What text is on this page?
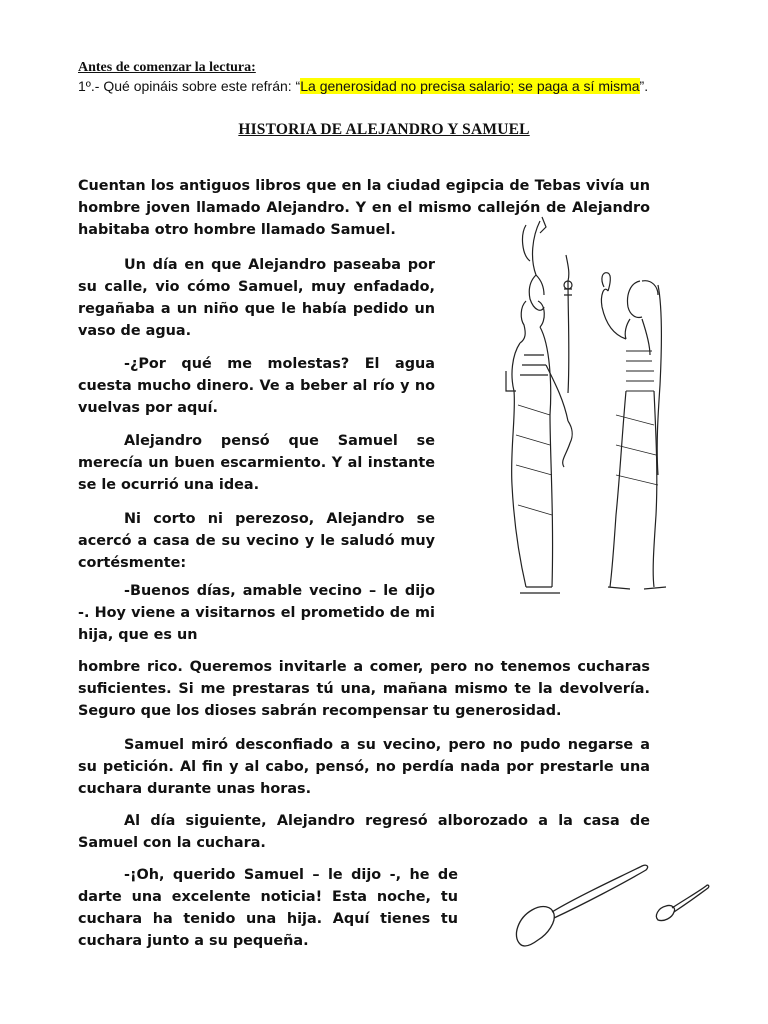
Antes de comenzar la lectura:
1º.- Qué opináis sobre este refrán: “La generosidad no precisa salario; se paga a sí misma”.
HISTORIA DE ALEJANDRO Y SAMUEL

Cuentan los antiguos libros que en la ciudad egipcia de Tebas vivía un hombre joven llamado Alejandro. Y en el mismo callejón de Alejandro habitaba otro hombre llamado Samuel.

Un día en que Alejandro paseaba por su calle, vio cómo Samuel, muy enfadado, regañaba a un niño que le había pedido un vaso de agua.

-¿Por qué me molestas? El agua cuesta mucho dinero. Ve a beber al río y no vuelvas por aquí.

Alejandro pensó que Samuel se merecía un buen escarmiento. Y al instante se le ocurrió una idea.

Ni corto ni perezoso, Alejandro se acercó a casa de su vecino y le saludó muy cortésmente:

-Buenos días, amable vecino – le dijo -. Hoy viene a visitarnos el prometido de mi hija, que es un

hombre rico. Queremos invitarle a comer, pero no tenemos cucharas suficientes. Si me prestaras tú una, mañana mismo te la devolvería. Seguro que los dioses sabrán recompensar tu generosidad.

Samuel miró desconfiado a su vecino, pero no pudo negarse a su petición. Al fin y al cabo, pensó, no perdía nada por prestarle una cuchara durante unas horas.

Al día siguiente, Alejandro regresó alborozado a la casa de Samuel con la cuchara.

-¡Oh, querido Samuel – le dijo -, he de darte una excelente noticia! Esta noche, tu cuchara ha tenido una hija. Aquí tienes tu cuchara junto a su pequeña.
